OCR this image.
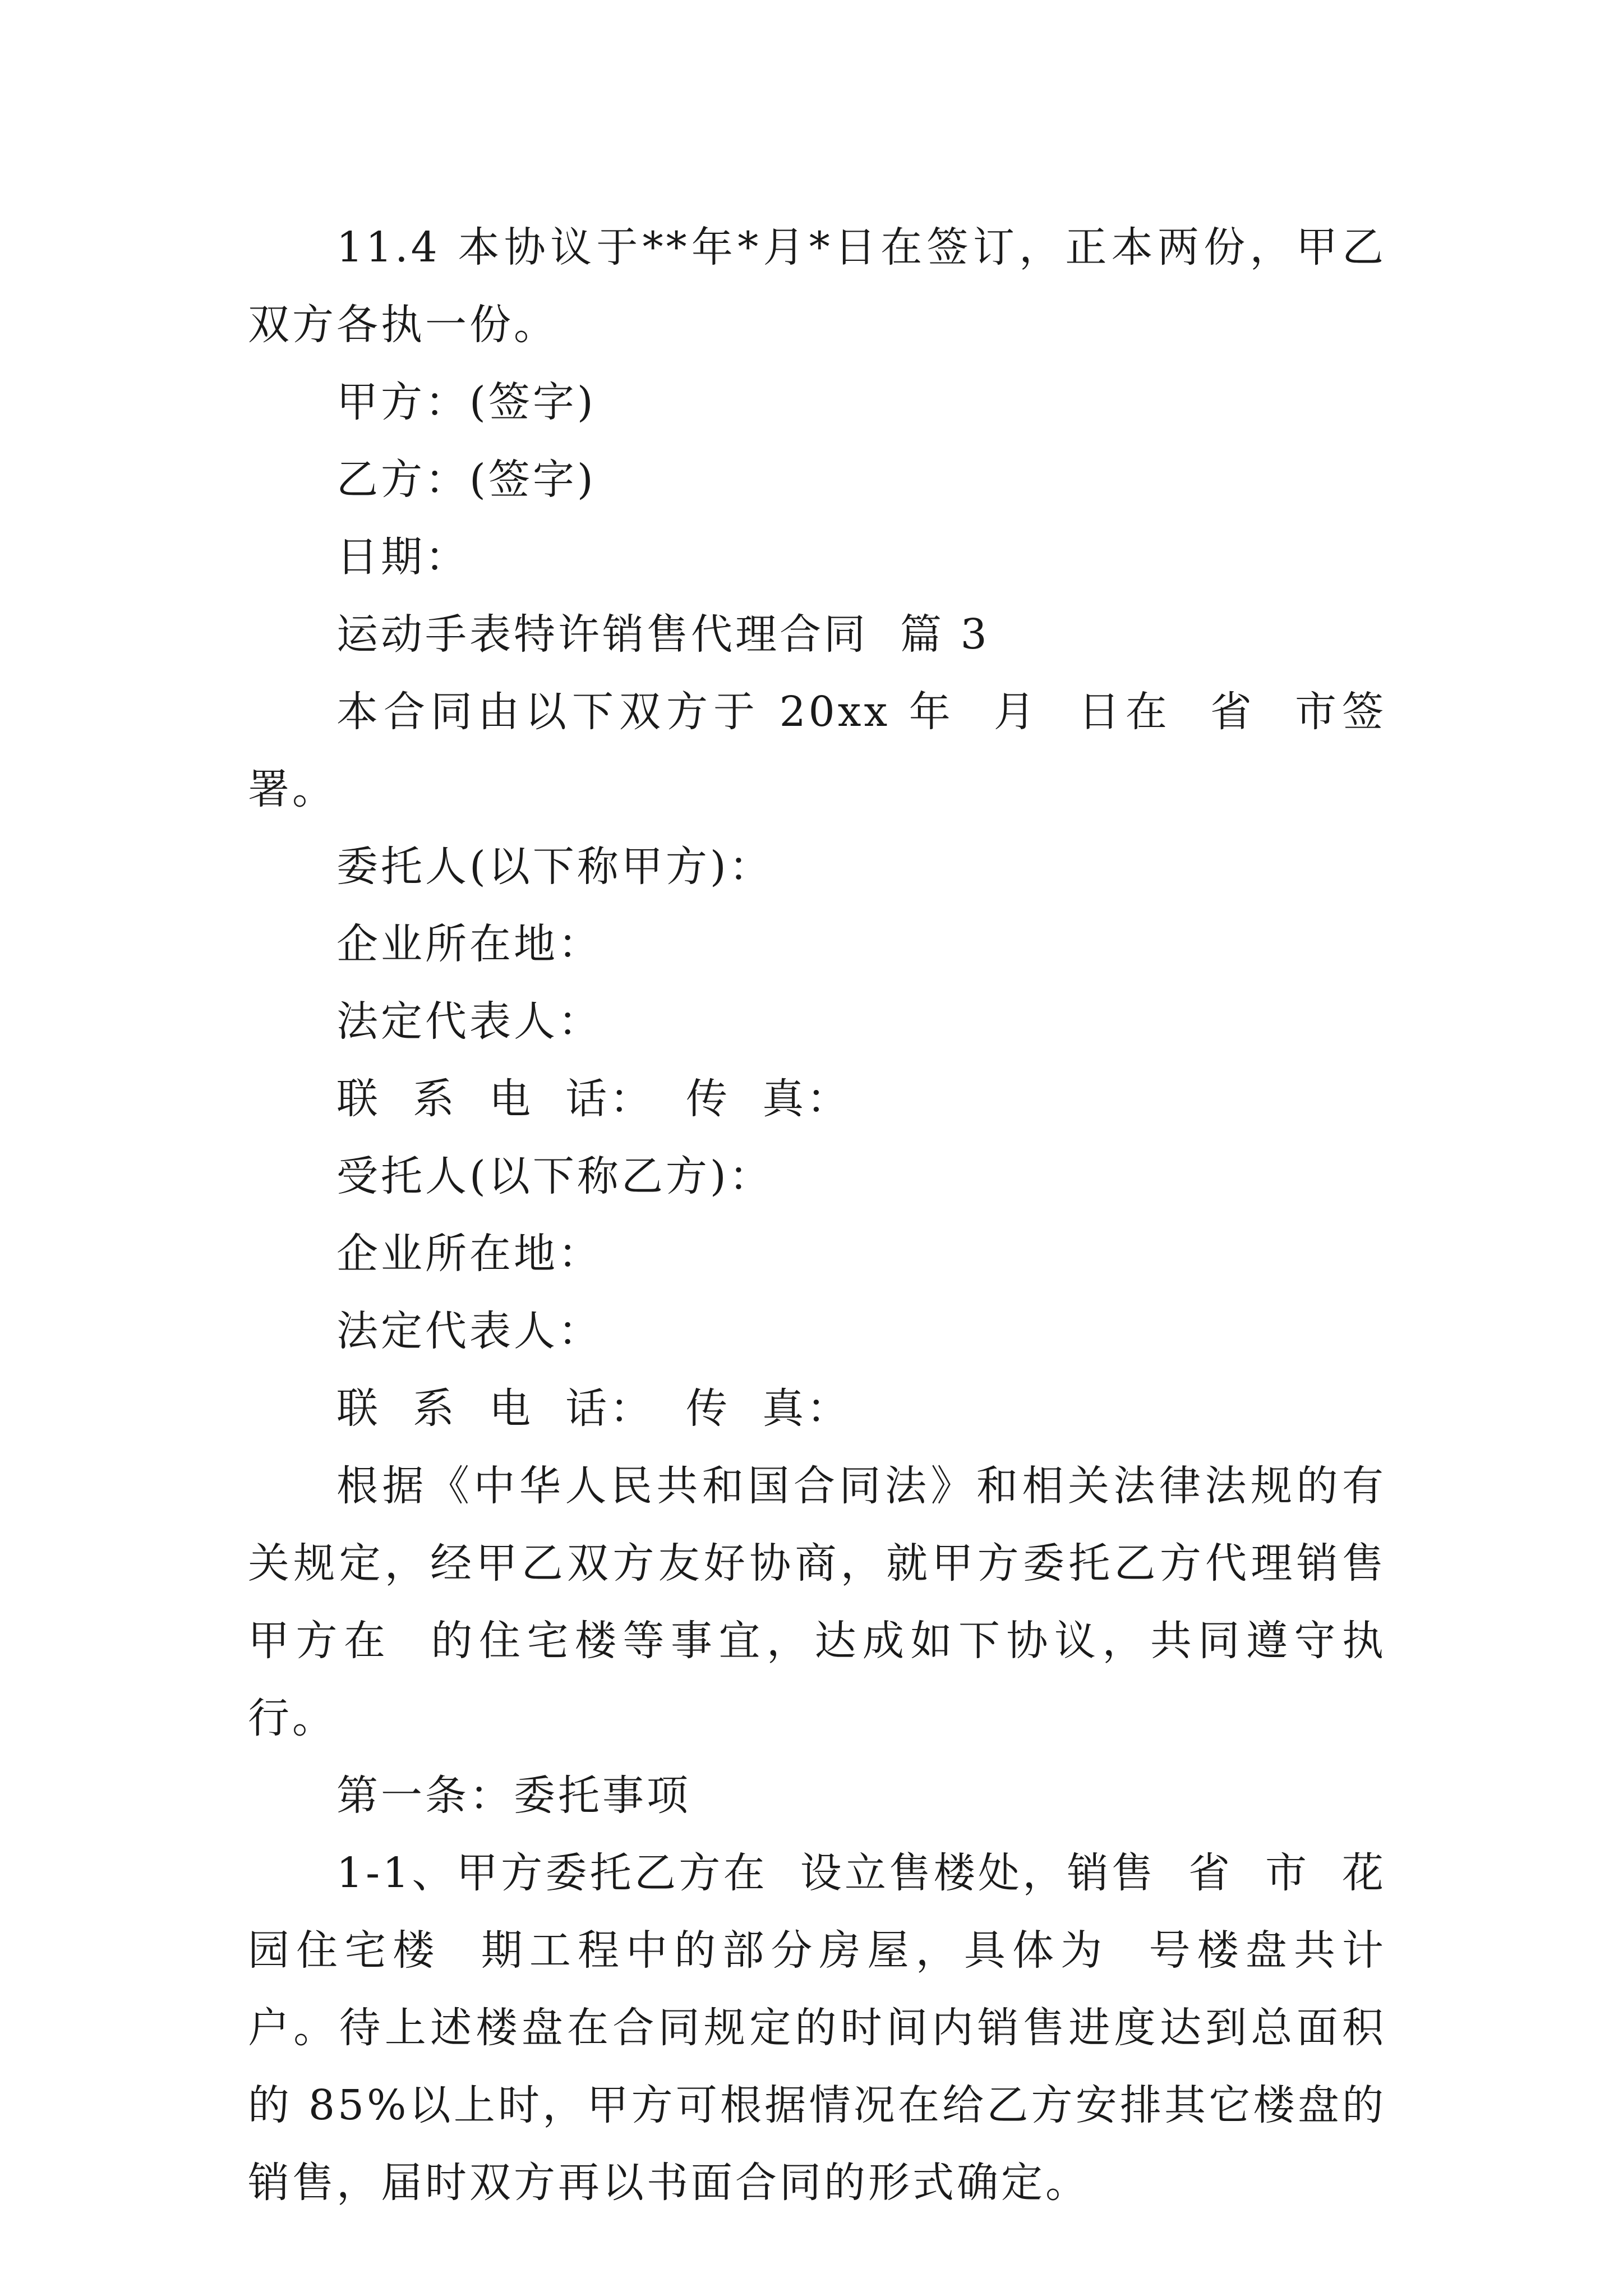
11.4 本协议于**年*月*日在签订，正本两份，甲乙双方各执一份。

甲方：(签字)

乙方：(签字)

日期：

运动手表特许销售代理合同  篇 3

本合同由以下双方于 20xx 年  月  日在  省  市签署。

委托人(以下称甲方)：

企业所在地：

法定代表人：

联  系  电  话：  传  真：

受托人(以下称乙方)：

企业所在地：

法定代表人：

联  系  电  话：  传  真：

根据《中华人民共和国合同法》和相关法律法规的有关规定，经甲乙双方友好协商，就甲方委托乙方代理销售甲方在  的住宅楼等事宜，达成如下协议，共同遵守执行。

第一条：委托事项

1-1、甲方委托乙方在  设立售楼处，销售  省  市  花园住宅楼  期工程中的部分房屋，具体为  号楼盘共计  户。待上述楼盘在合同规定的时间内销售进度达到总面积的 85%以上时，甲方可根据情况在给乙方安排其它楼盘的销售，届时双方再以书面合同的形式确定。
